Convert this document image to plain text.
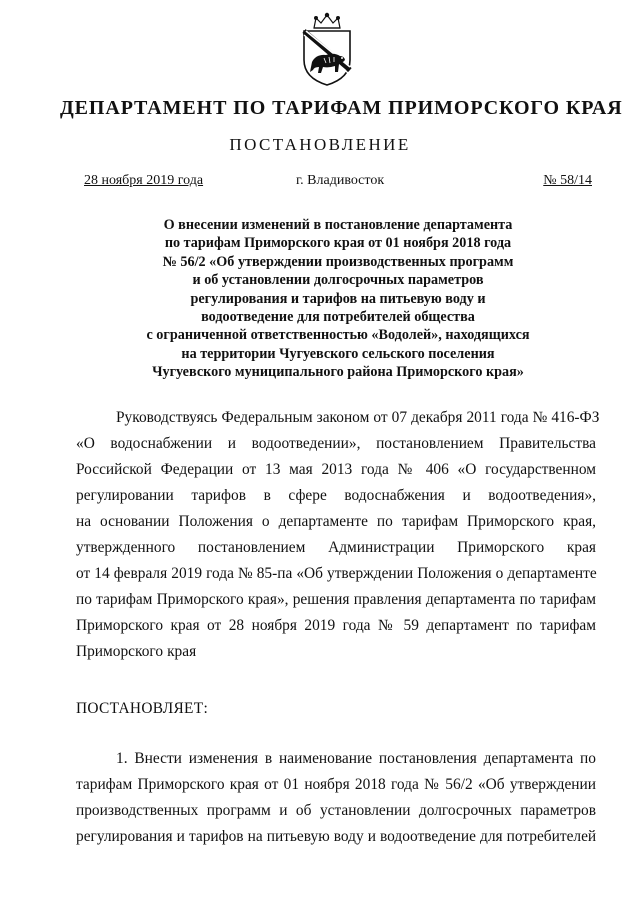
ДЕПАРТАМЕНТ ПО ТАРИФАМ ПРИМОРСКОГО КРАЯ
ПОСТАНОВЛЕНИЕ
28 ноября 2019 года	г. Владивосток	№ 58/14
О внесении изменений в постановление департамента
по тарифам Приморского края от 01 ноября 2018 года
№ 56/2 «Об утверждении производственных программ
и об установлении долгосрочных параметров
регулирования и тарифов на питьевую воду и
водоотведение для потребителей общества
с ограниченной ответственностью «Водолей», находящихся
на территории Чугуевского сельского поселения
Чугуевского муниципального района Приморского края»
Руководствуясь Федеральным законом от 07 декабря 2011 года № 416-ФЗ
«О водоснабжении и водоотведении», постановлением Правительства
Российской Федерации от 13 мая 2013 года № 406 «О государственном
регулировании тарифов в сфере водоснабжения и водоотведения»,
на основании Положения о департаменте по тарифам Приморского края,
утвержденного постановлением Администрации Приморского края
от 14 февраля 2019 года № 85-па «Об утверждении Положения о департаменте
по тарифам Приморского края», решения правления департамента по тарифам
Приморского края от 28 ноября 2019 года № 59 департамент по тарифам
Приморского края
ПОСТАНОВЛЯЕТ:
1. Внести изменения в наименование постановления департамента по
тарифам Приморского края от 01 ноября 2018 года № 56/2 «Об утверждении
производственных программ и об установлении долгосрочных параметров
регулирования и тарифов на питьевую воду и водоотведение для потребителей
